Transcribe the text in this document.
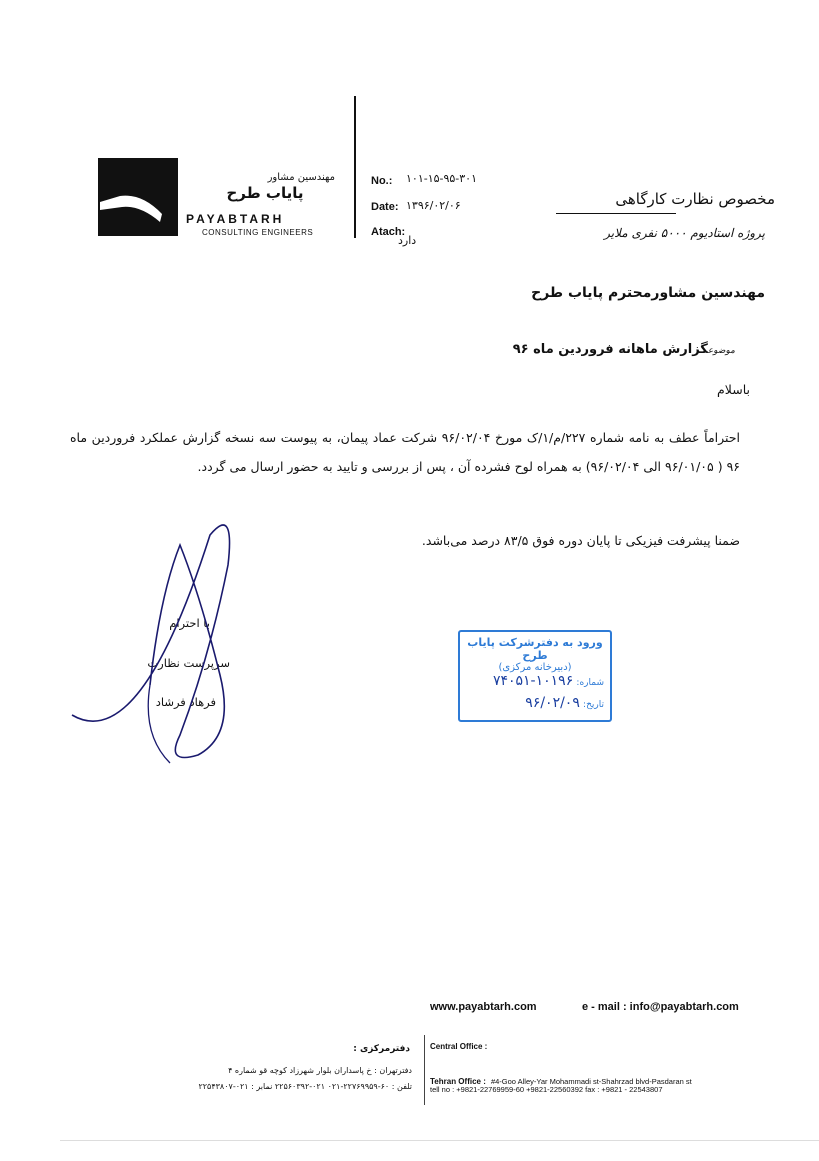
مهندسین مشاور
پایاب طرح
PAYABTARH
CONSULTING ENGINEERS
No.: ۱۰۱-۱۵-۹۵-۳۰۱
Date: ۱۳۹۶/۰۲/۰۶
Atach:
دارد
مخصوص نظارت کارگاهی
پروژه استادیوم ۵۰۰۰ نفری ملایر
مهندسین مشاورمحترم پایاب طرح
موضوعگزارش ماهانه فروردین ماه ۹۶
باسلام
احتراماً عطف به نامه شماره ۲۲۷/م/۱/ک مورخ ۹۶/۰۲/۰۴ شرکت عماد پیمان، به پیوست سه نسخه گزارش عملکرد فروردین ماه ۹۶ ( ۹۶/۰۱/۰۵ الی ۹۶/۰۲/۰۴) به همراه لوح فشرده آن ، پس از بررسی و تایید به حضور ارسال می گردد.
ضمنا پیشرفت فیزیکی تا پایان دوره فوق ۸۳/۵ درصد می‌باشد.
با احترام
سرپرست نظارت
فرهاد فرشاد
ورود به دفترشرکت پایاب طرح
(دبیرخانه مرکزی)
شماره: ۱۰۱۹۶-۷۴۰۵۱
تاریخ: ۹۶/۰۲/۰۹
www.payabtarh.com	e - mail : info@payabtarh.com
دفترمرکزی :
دفترتهران : خ پاسداران بلوار شهرزاد کوچه قو شماره ۴
تلفن : ۶۰-۲۲۷۶۹۹۵۹-۰۲۱ ۰۲۱-۲۲۵۶۰۳۹۲ نمابر : ۰۲۱-۲۲۵۴۳۸۰۷
Central Office :
Tehran Office : #4-Goo Alley-Yar Mohammadi st-Shahrzad blvd-Pasdaran st
tell no : +9821-22769959-60 +9821-22560392 fax : +9821 - 22543807
